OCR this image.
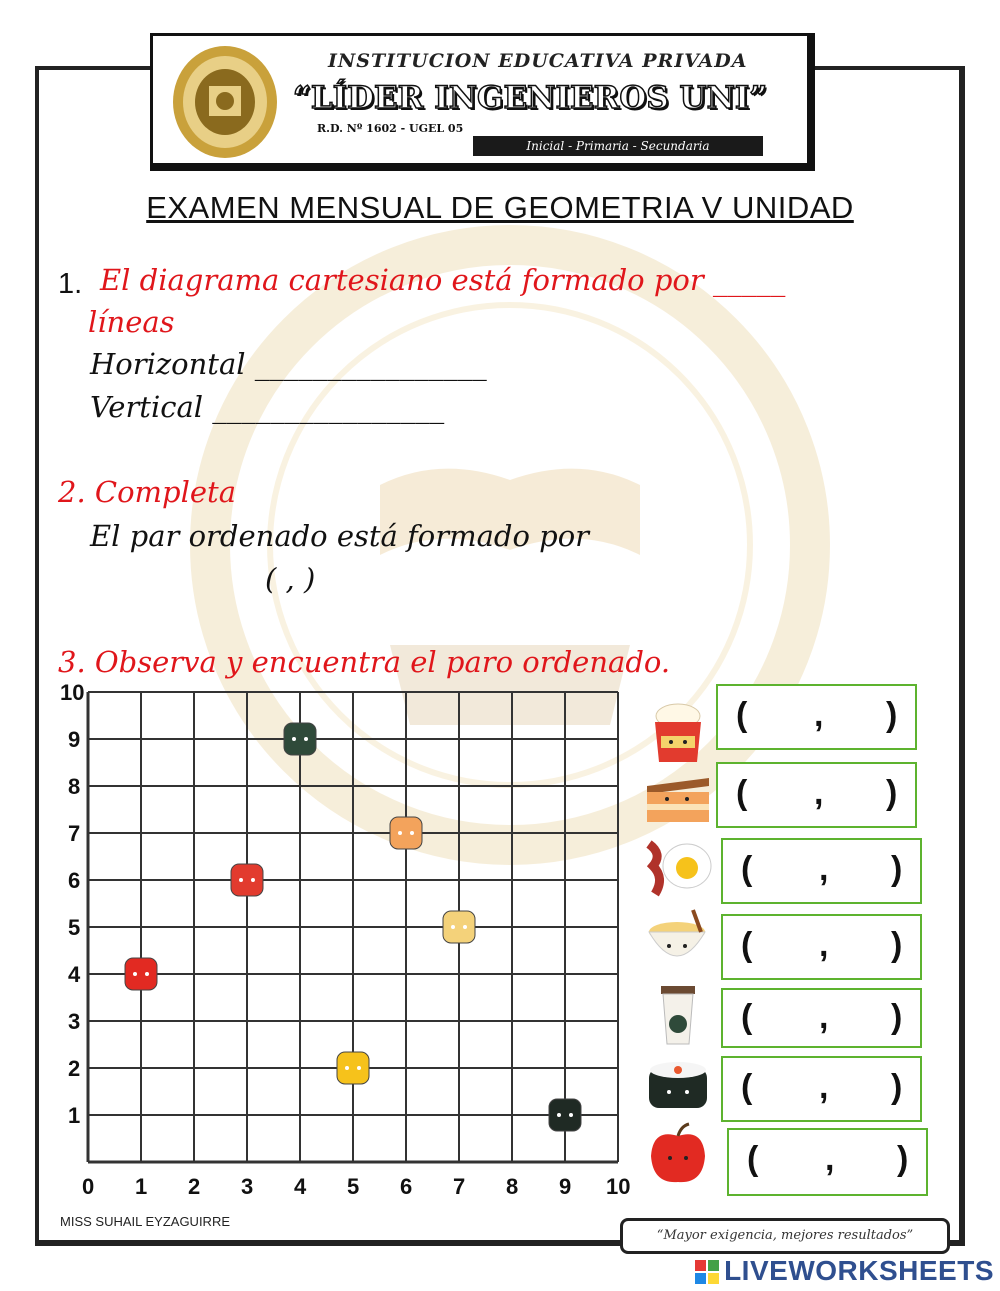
INSTITUCION EDUCATIVA PRIVADA
“LÍDER INGENIEROS UNI”
R.D. Nº 1602 - UGEL 05
Inicial - Primaria - Secundaria
EXAMEN MENSUAL DE GEOMETRIA V UNIDAD
1. El diagrama cartesiano está formado por _____
líneas
Horizontal ________________
Vertical ________________
2. Completa
El par ordenado está formado por
( , )
3. Observa y encuentra el paro ordenado.
0 1 2 3 4 5 6 7 8 9 10
1
2
3
4
5
6
7
8
9
10
( , )
( , )
( , )
( , )
( , )
( , )
( , )
MISS SUHAIL EYZAGUIRRE
“Mayor exigencia, mejores resultados”
LIVEWORKSHEETS
